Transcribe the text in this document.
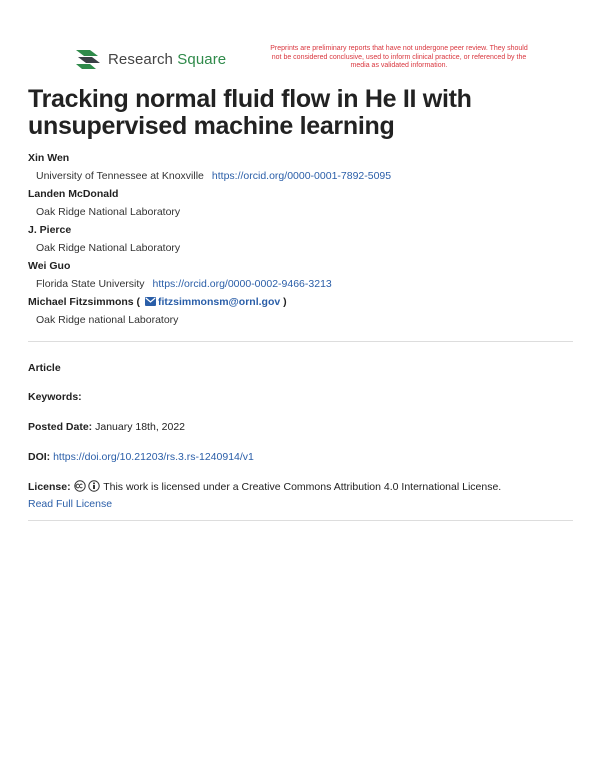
Research Square
Preprints are preliminary reports that have not undergone peer review. They should not be considered conclusive, used to inform clinical practice, or referenced by the media as validated information.
Tracking normal fluid flow in He II with unsupervised machine learning
Xin Wen
University of Tennessee at Knoxville https://orcid.org/0000-0001-7892-5095
Landen McDonald
Oak Ridge National Laboratory
J. Pierce
Oak Ridge National Laboratory
Wei Guo
Florida State University https://orcid.org/0000-0002-9466-3213
Michael Fitzsimmons ( fitzsimmonsm@ornl.gov )
Oak Ridge national Laboratory
Article
Keywords:
Posted Date: January 18th, 2022
DOI: https://doi.org/10.21203/rs.3.rs-1240914/v1
License:	This work is licensed under a Creative Commons Attribution 4.0 International License.
Read Full License
